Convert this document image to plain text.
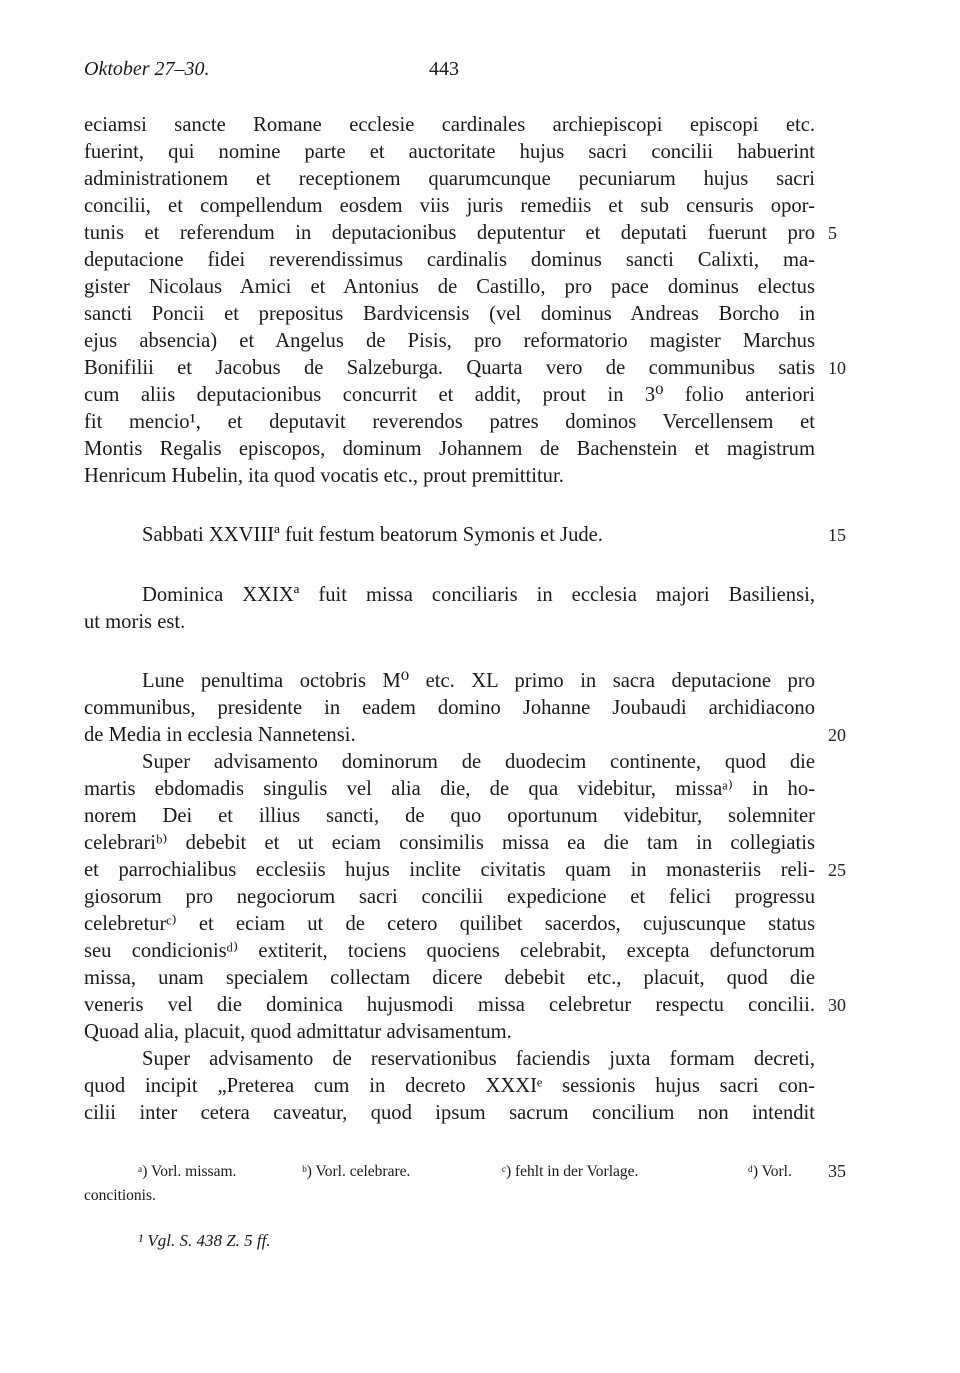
Oktober 27–30.	443
eciamsi sancte Romane ecclesie cardinales archiepiscopi episcopi etc.
fuerint, qui nomine parte et auctoritate hujus sacri concilii habuerint
administrationem et receptionem quarumcunque pecuniarum hujus sacri
concilii, et compellendum eosdem viis juris remediis et sub censuris opor-
tunis et referendum in deputacionibus deputentur et deputati fuerunt pro
deputacione fidei reverendissimus cardinalis dominus sancti Calixti, ma-
gister Nicolaus Amici et Antonius de Castillo, pro pace dominus electus
sancti Poncii et prepositus Bardvicensis (vel dominus Andreas Borcho in
ejus absencia) et Angelus de Pisis, pro reformatorio magister Marchus
Bonifilii et Jacobus de Salzeburga. Quarta vero de communibus satis
cum aliis deputacionibus concurrit et addit, prout in 3⁰ folio anteriori
fit mencio¹, et deputavit reverendos patres dominos Vercellensem et
Montis Regalis episcopos, dominum Johannem de Bachenstein et magistrum
Henricum Hubelin, ita quod vocatis etc., prout premittitur.
Sabbati XXVIIIª fuit festum beatorum Symonis et Jude.
Dominica XXIXª fuit missa conciliaris in ecclesia majori Basiliensi,
ut moris est.
Lune penultima octobris M⁰ etc. XL primo in sacra deputacione pro
communibus, presidente in eadem domino Johanne Joubaudi archidiacono
de Media in ecclesia Nannetensi.
Super advisamento dominorum de duodecim continente, quod die
martis ebdomadis singulis vel alia die, de qua videbitur, missaᵃ⁾ in ho-
norem Dei et illius sancti, de quo oportunum videbitur, solemniter
celebrariᵇ⁾ debebit et ut eciam consimilis missa ea die tam in collegiatis
et parrochialibus ecclesiis hujus inclite civitatis quam in monasteriis reli-
giosorum pro negociorum sacri concilii expedicione et felici progressu
celebreturᶜ⁾ et eciam ut de cetero quilibet sacerdos, cujuscunque status
seu condicionisᵈ⁾ extiterit, tociens quociens celebrabit, excepta defunctorum
missa, unam specialem collectam dicere debebit etc., placuit, quod die
veneris vel die dominica hujusmodi missa celebretur respectu concilii.
Quoad alia, placuit, quod admittatur advisamentum.
Super advisamento de reservationibus faciendis juxta formam decreti,
quod incipit „Preterea cum in decreto XXXIᵉ sessionis hujus sacri con-
cilii inter cetera caveatur, quod ipsum sacrum concilium non intendit
5
10
15
20
25
30
35
ᵃ) Vorl. missam.	ᵇ) Vorl. celebrare.	ᶜ) fehlt in der Vorlage.	ᵈ) Vorl.
concitionis.
¹ Vgl. S. 438 Z. 5 ff.
